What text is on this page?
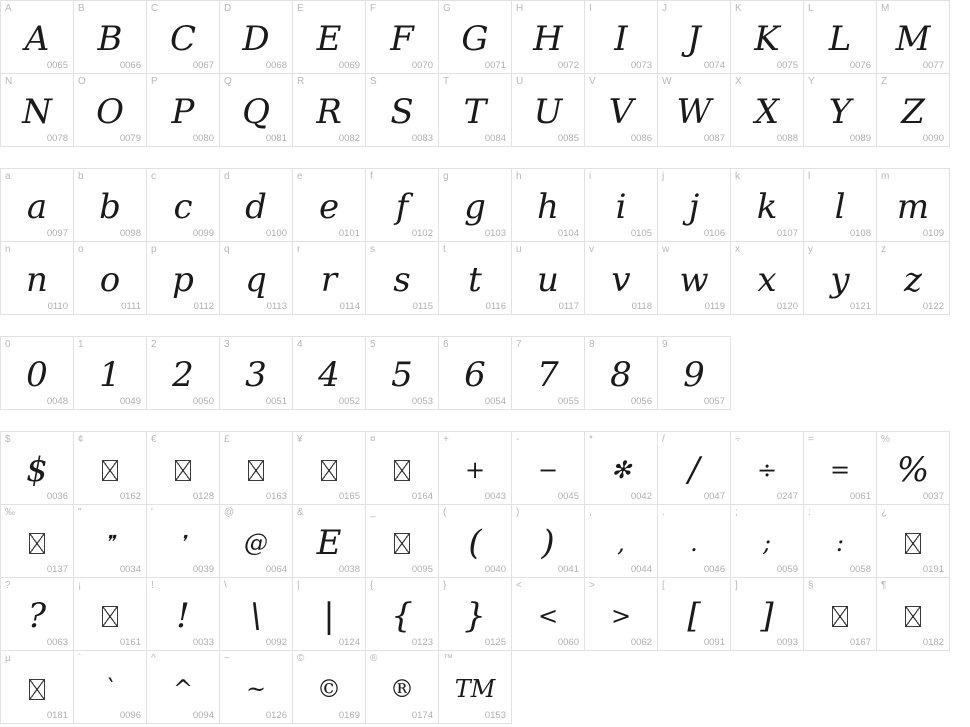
A
A
0065
B
B
0066
C
C
0067
D
D
0068
E
E
0069
F
F
0070
G
G
0071
H
H
0072
I
I
0073
J
J
0074
K
K
0075
L
L
0076
M
M
0077
N
N
0078
O
O
0079
P
P
0080
Q
Q
0081
R
R
0082
S
S
0083
T
T
0084
U
U
0085
V
V
0086
W
W
0087
X
X
0088
Y
Y
0089
Z
Z
0090
a
a
0097
b
b
0098
c
c
0099
d
d
0100
e
e
0101
f
f
0102
g
g
0103
h
h
0104
i
i
0105
j
j
0106
k
k
0107
l
l
0108
m
m
0109
n
n
0110
o
o
0111
p
p
0112
q
q
0113
r
r
0114
s
s
0115
t
t
0116
u
u
0117
v
v
0118
w
w
0119
x
x
0120
y
y
0121
z
z
0122
0
0
0048
1
1
0049
2
2
0050
3
3
0051
4
4
0052
5
5
0053
6
6
0054
7
7
0055
8
8
0056
9
9
0057
$
$
0036
¢
0162
€
0128
£
0163
¥
0165
¤
0164
+
+
0043
-
−
0045
*
✻
0042
/
/
0047
÷
÷
0247
=
=
0061
%
%
0037
‰
0137
"
❞
0034
'
❜
0039
@
@
0064
&
E
0038
_
0095
(
(
0040
)
)
0041
,
,
0044
.
.
0046
;
;
0059
:
:
0058
¿
0191
?
?
0063
¡
0161
!
!
0033
\
\
0092
|
|
0124
{
{
0123
}
}
0125
<
<
0060
>
>
0062
[
[
0091
]
]
0093
§
0167
¶
0182
µ
0181
`
`
0096
^
^
0094
~
~
0126
©
©
0169
®
®
0174
™
TM
0153
